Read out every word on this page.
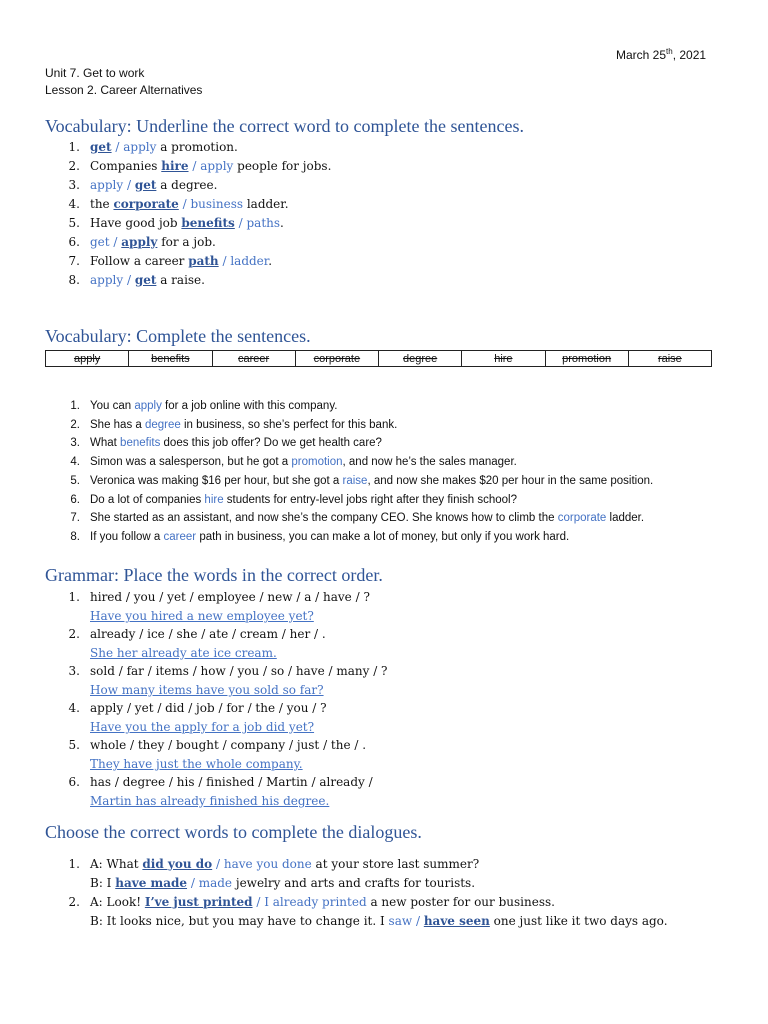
March 25th, 2021
Unit 7. Get to work
Lesson 2. Career Alternatives
Vocabulary: Underline the correct word to complete the sentences.
1. get / apply a promotion.
2. Companies hire / apply people for jobs.
3. apply / get a degree.
4. the corporate / business ladder.
5. Have good job benefits / paths.
6. get / apply for a job.
7. Follow a career path / ladder.
8. apply / get a raise.
Vocabulary: Complete the sentences.
apply	benefits	career	corporate	degree	hire	promotion	raise
1. You can apply for a job online with this company.
2. She has a degree in business, so she’s perfect for this bank.
3. What benefits does this job offer? Do we get health care?
4. Simon was a salesperson, but he got a promotion, and now he’s the sales manager.
5. Veronica was making $16 per hour, but she got a raise, and now she makes $20 per hour in the same position.
6. Do a lot of companies hire students for entry-level jobs right after they finish school?
7. She started as an assistant, and now she’s the company CEO. She knows how to climb the corporate ladder.
8. If you follow a career path in business, you can make a lot of money, but only if you work hard.
Grammar: Place the words in the correct order.
1. hired / you / yet / employee / new / a / have / ?
Have you hired a new employee yet?
2. already / ice / she / ate / cream / her / .
She her already ate ice cream.
3. sold / far / items / how / you / so / have / many / ?
How many items have you sold so far?
4. apply / yet / did / job / for / the / you / ?
Have you the apply for a job did yet?
5. whole / they / bought / company / just / the / .
They have just the whole company.
6. has / degree / his / finished / Martin / already /
Martin has already finished his degree.
Choose the correct words to complete the dialogues.
1. A: What did you do / have you done at your store last summer?
B: I have made / made jewelry and arts and crafts for tourists.
2. A: Look! I’ve just printed / I already printed a new poster for our business.
B: It looks nice, but you may have to change it. I saw / have seen one just like it two days ago.
